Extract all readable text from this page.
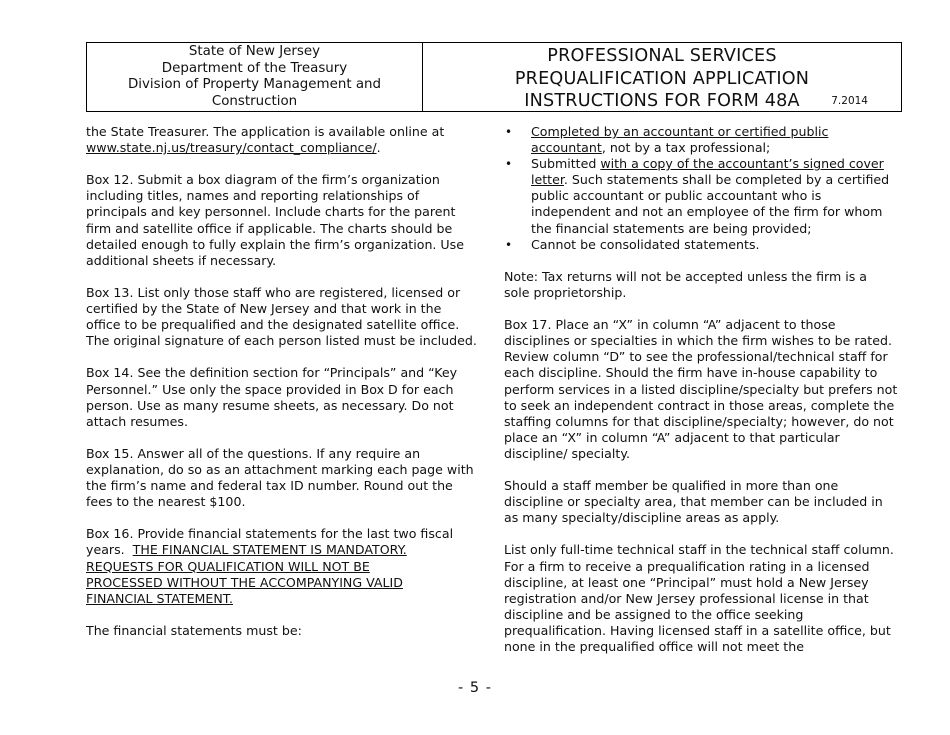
State of New Jersey
Department of the Treasury
Division of Property Management and
Construction
PROFESSIONAL SERVICES
PREQUALIFICATION APPLICATION
INSTRUCTIONS FOR FORM 48A	7.2014
the State Treasurer. The application is available online at
www.state.nj.us/treasury/contact_compliance/.
Box 12. Submit a box diagram of the firm’s organization
including titles, names and reporting relationships of
principals and key personnel. Include charts for the parent
firm and satellite office if applicable. The charts should be
detailed enough to fully explain the firm’s organization. Use
additional sheets if necessary.
Box 13. List only those staff who are registered, licensed or
certified by the State of New Jersey and that work in the
office to be prequalified and the designated satellite office.
The original signature of each person listed must be included.
Box 14. See the definition section for “Principals” and “Key
Personnel.” Use only the space provided in Box D for each
person. Use as many resume sheets, as necessary. Do not
attach resumes.
Box 15. Answer all of the questions. If any require an
explanation, do so as an attachment marking each page with
the firm’s name and federal tax ID number. Round out the
fees to the nearest $100.
Box 16. Provide financial statements for the last two fiscal
years.  THE FINANCIAL STATEMENT IS MANDATORY.
REQUESTS FOR QUALIFICATION WILL NOT BE
PROCESSED WITHOUT THE ACCOMPANYING VALID
FINANCIAL STATEMENT.
The financial statements must be:
• Completed by an accountant or certified public
accountant, not by a tax professional;
• Submitted with a copy of the accountant’s signed cover
letter. Such statements shall be completed by a certified
public accountant or public accountant who is
independent and not an employee of the firm for whom
the financial statements are being provided;
• Cannot be consolidated statements.
Note: Tax returns will not be accepted unless the firm is a
sole proprietorship.
Box 17. Place an “X” in column “A” adjacent to those
disciplines or specialties in which the firm wishes to be rated.
Review column “D” to see the professional/technical staff for
each discipline. Should the firm have in-house capability to
perform services in a listed discipline/specialty but prefers not
to seek an independent contract in those areas, complete the
staffing columns for that discipline/specialty; however, do not
place an “X” in column “A” adjacent to that particular
discipline/ specialty.
Should a staff member be qualified in more than one
discipline or specialty area, that member can be included in
as many specialty/discipline areas as apply.
List only full-time technical staff in the technical staff column.
For a firm to receive a prequalification rating in a licensed
discipline, at least one “Principal” must hold a New Jersey
registration and/or New Jersey professional license in that
discipline and be assigned to the office seeking
prequalification. Having licensed staff in a satellite office, but
none in the prequalified office will not meet the
- 5 -
